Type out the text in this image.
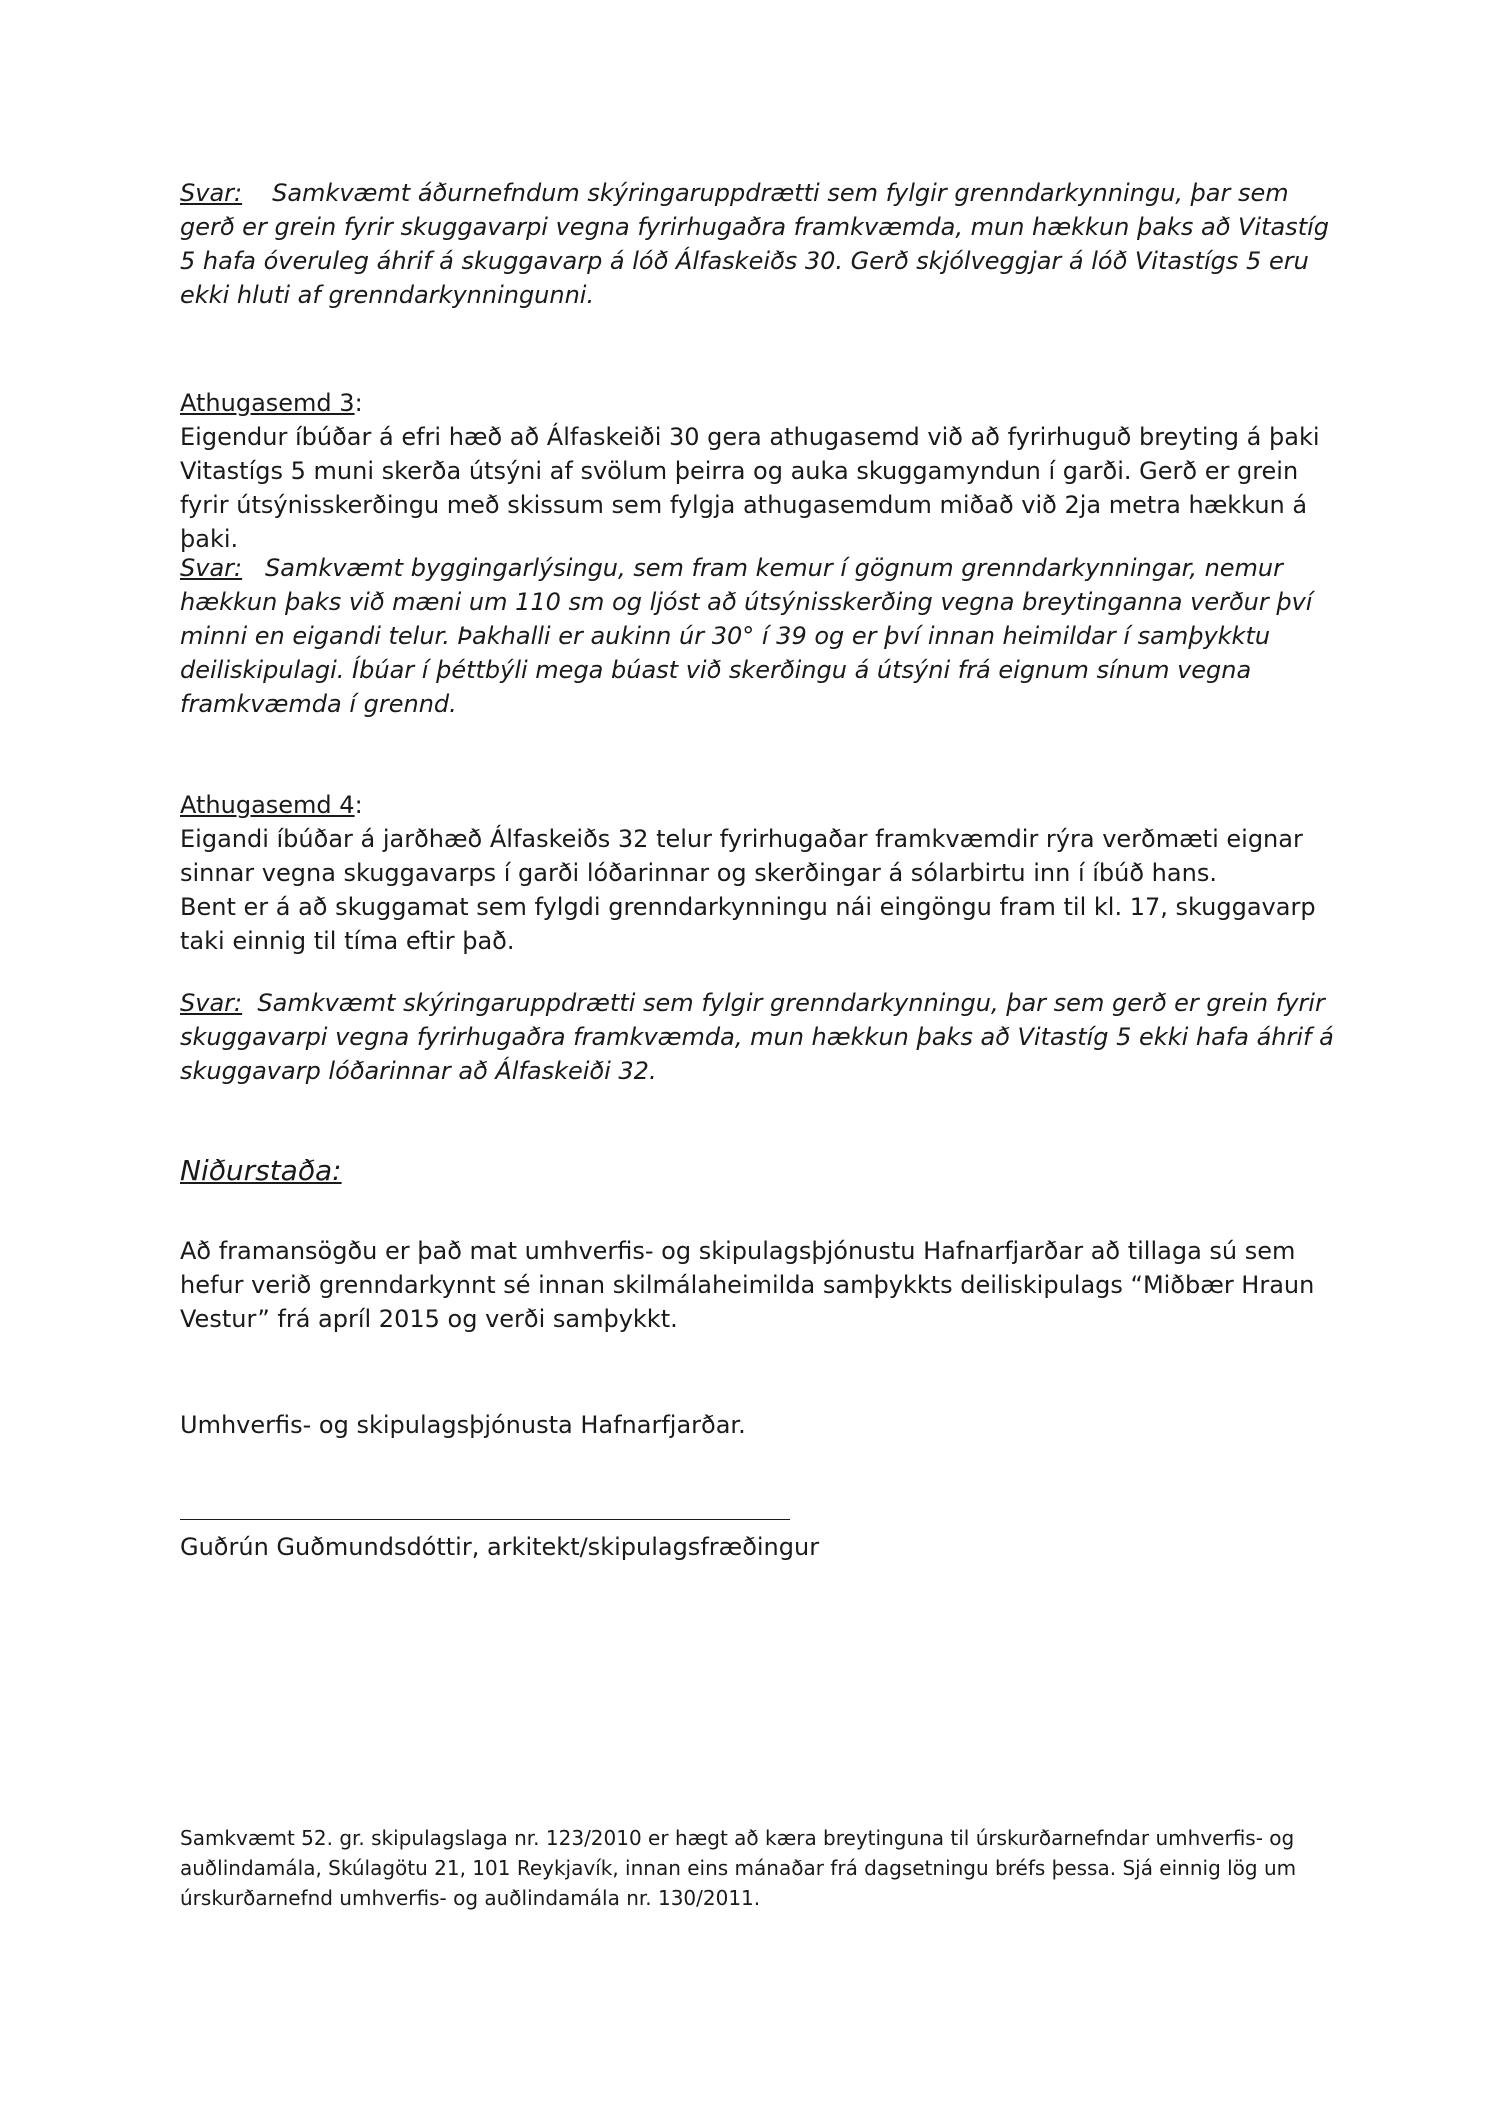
Svar: Samkvæmt áðurnefndum skýringaruppdrætti sem fylgir grenndarkynningu, þar sem gerð er grein fyrir skuggavarpi vegna fyrirhugaðra framkvæmda, mun hækkun þaks að Vitastíg 5 hafa óveruleg áhrif á skuggavarp á lóð Álfaskeiðs 30. Gerð skjólveggjar á lóð Vitastígs 5 eru ekki hluti af grenndarkynningunni.

Athugasemd 3:

Eigendur íbúðar á efri hæð að Álfaskeiði 30 gera athugasemd við að fyrirhuguð breyting á þaki Vitastígs 5 muni skerða útsýni af svölum þeirra og auka skuggamyndun í garði. Gerð er grein fyrir útsýnisskerðingu með skissum sem fylgja athugasemdum miðað við 2ja metra hækkun á þaki.

Svar: Samkvæmt byggingarlýsingu, sem fram kemur í gögnum grenndarkynningar, nemur hækkun þaks við mæni um 110 sm og ljóst að útsýnisskerðing vegna breytinganna verður því minni en eigandi telur. Þakhalli er aukinn úr 30° í 39 og er því innan heimildar í samþykktu deiliskipulagi. Íbúar í þéttbýli mega búast við skerðingu á útsýni frá eignum sínum vegna framkvæmda í grennd.

Athugasemd 4:

Eigandi íbúðar á jarðhæð Álfaskeiðs 32 telur fyrirhugaðar framkvæmdir rýra verðmæti eignar sinnar vegna skuggavarps í garði lóðarinnar og skerðingar á sólarbirtu inn í íbúð hans.

Bent er á að skuggamat sem fylgdi grenndarkynningu nái eingöngu fram til kl. 17, skuggavarp taki einnig til tíma eftir það.

Svar: Samkvæmt skýringaruppdrætti sem fylgir grenndarkynningu, þar sem gerð er grein fyrir skuggavarpi vegna fyrirhugaðra framkvæmda, mun hækkun þaks að Vitastíg 5 ekki hafa áhrif á skuggavarp lóðarinnar að Álfaskeiði 32.

Niðurstaða:

Að framansögðu er það mat umhverfis- og skipulagsþjónustu Hafnarfjarðar að tillaga sú sem hefur verið grenndarkynnt sé innan skilmálaheimilda samþykkts deiliskipulags “Miðbær Hraun Vestur” frá apríl 2015 og verði samþykkt.

Umhverfis- og skipulagsþjónusta Hafnarfjarðar.

Guðrún Guðmundsdóttir, arkitekt/skipulagsfræðingur

Samkvæmt 52. gr. skipulagslaga nr. 123/2010 er hægt að kæra breytinguna til úrskurðarnefndar umhverfis- og auðlindamála, Skúlagötu 21, 101 Reykjavík, innan eins mánaðar frá dagsetningu bréfs þessa. Sjá einnig lög um úrskurðarnefnd umhverfis- og auðlindamála nr. 130/2011.
